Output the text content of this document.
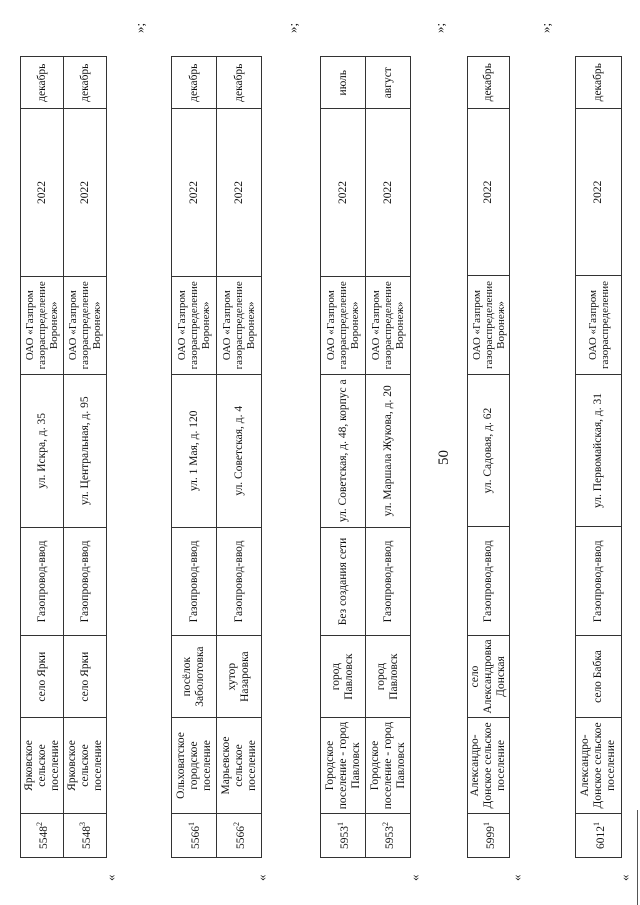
50
5548$^2$	Ярковское сельское поселение	село Ярки	Газопровод-ввод	ул. Искра, д. 35	ОАО «Газпром газораспределение Воронеж»	2022	декабрь
5548$^3$	Ярковское сельское поселение	село Ярки	Газопровод-ввод	ул. Центральная, д. 95	ОАО «Газпром газораспределение Воронеж»	2022	декабрь
«
»;
5566$^1$	Ольховатское городское поселение	посёлок Заболотовка	Газопровод-ввод	ул. 1 Мая, д. 120	ОАО «Газпром газораспределение Воронеж»	2022	декабрь
5566$^2$	Марьевское сельское поселение	хутор Назаровка	Газопровод-ввод	ул. Советская, д. 4	ОАО «Газпром газораспределение Воронеж»	2022	декабрь
«
»;
5953$^1$	Городское поселение - город Павловск	город Павловск	Без создания сети	ул. Советская, д. 48, корпус а	ОАО «Газпром газораспределение Воронеж»	2022	июль
5953$^2$	Городское поселение - город Павловск	город Павловск	Газопровод-ввод	ул. Маршала Жукова, д. 20	ОАО «Газпром газораспределение Воронеж»	2022	август
«
»;
5999$^1$	Александро-Донское сельское поселение	село Александровка Донская	Газопровод-ввод	ул. Садовая, д. 62	ОАО «Газпром газораспределение Воронеж»	2022	декабрь
«
»;
6012$^1$	Александро-Донское сельское поселение	село Бабка	Газопровод-ввод	ул. Первомайская, д. 31	ОАО «Газпром газораспределение	2022	декабрь
«
